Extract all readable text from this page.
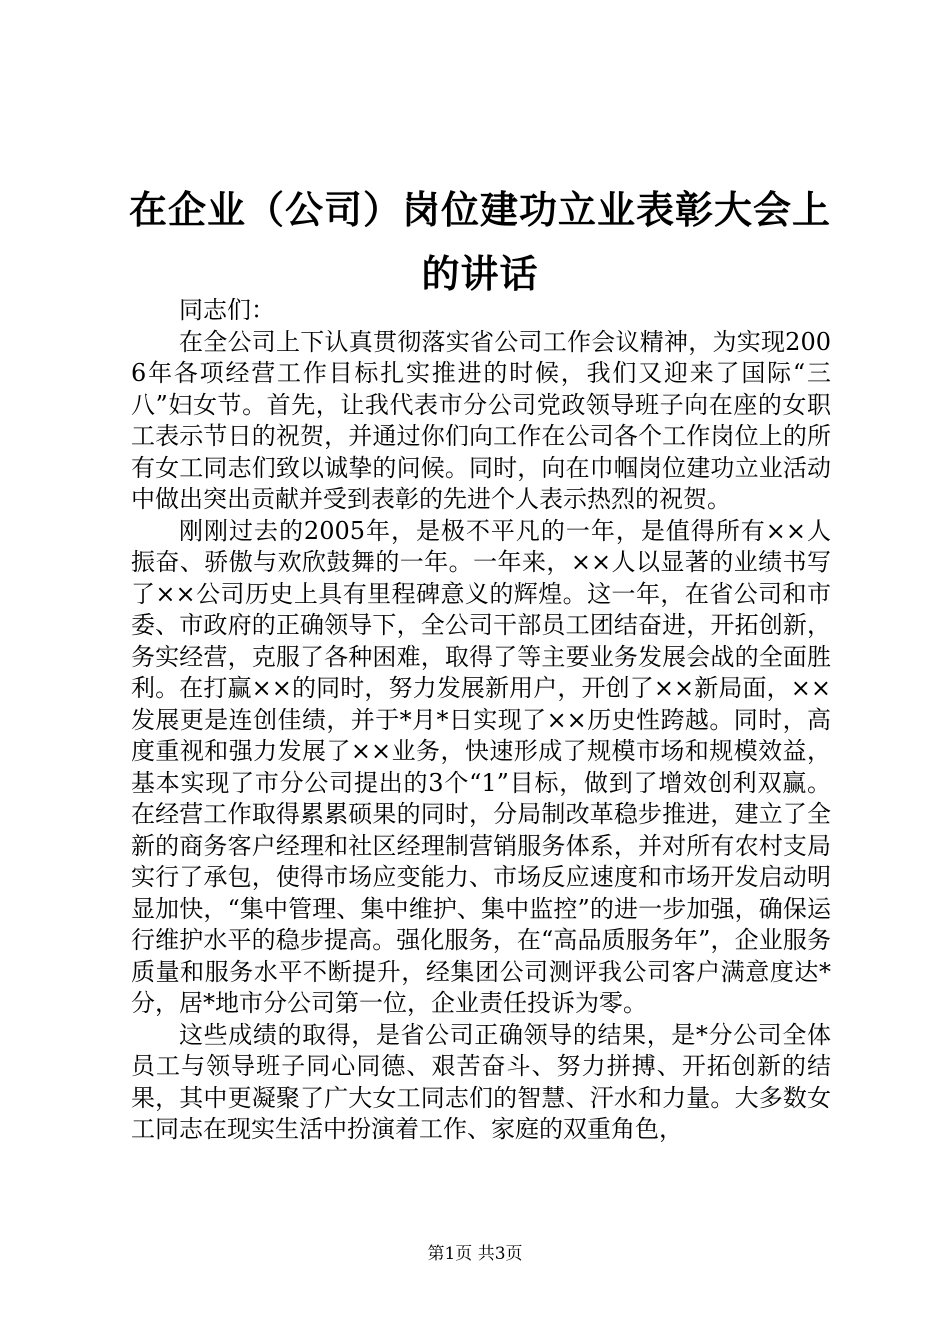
在企业（公司）岗位建功立业表彰大会上的讲话

同志们：

在全公司上下认真贯彻落实省公司工作会议精神，为实现2006年各项经营工作目标扎实推进的时候，我们又迎来了国际“三八”妇女节。首先，让我代表市分公司党政领导班子向在座的女职工表示节日的祝贺，并通过你们向工作在公司各个工作岗位上的所有女工同志们致以诚挚的问候。同时，向在巾帼岗位建功立业活动中做出突出贡献并受到表彰的先进个人表示热烈的祝贺。

刚刚过去的2005年，是极不平凡的一年，是值得所有××人振奋、骄傲与欢欣鼓舞的一年。一年来，××人以显著的业绩书写了××公司历史上具有里程碑意义的辉煌。这一年，在省公司和市委、市政府的正确领导下，全公司干部员工团结奋进，开拓创新，务实经营，克服了各种困难，取得了等主要业务发展会战的全面胜利。在打赢××的同时，努力发展新用户，开创了××新局面，××发展更是连创佳绩，并于*月*日实现了××历史性跨越。同时，高度重视和强力发展了××业务，快速形成了规模市场和规模效益，基本实现了市分公司提出的3个“1”目标，做到了增效创利双赢。在经营工作取得累累硕果的同时，分局制改革稳步推进，建立了全新的商务客户经理和社区经理制营销服务体系，并对所有农村支局实行了承包，使得市场应变能力、市场反应速度和市场开发启动明显加快，“集中管理、集中维护、集中监控”的进一步加强，确保运行维护水平的稳步提高。强化服务，在“高品质服务年”，企业服务质量和服务水平不断提升，经集团公司测评我公司客户满意度达*分，居*地市分公司第一位，企业责任投诉为零。

这些成绩的取得，是省公司正确领导的结果，是*分公司全体员工与领导班子同心同德、艰苦奋斗、努力拼搏、开拓创新的结果，其中更凝聚了广大女工同志们的智慧、汗水和力量。大多数女工同志在现实生活中扮演着工作、家庭的双重角色，

第1页 共3页
